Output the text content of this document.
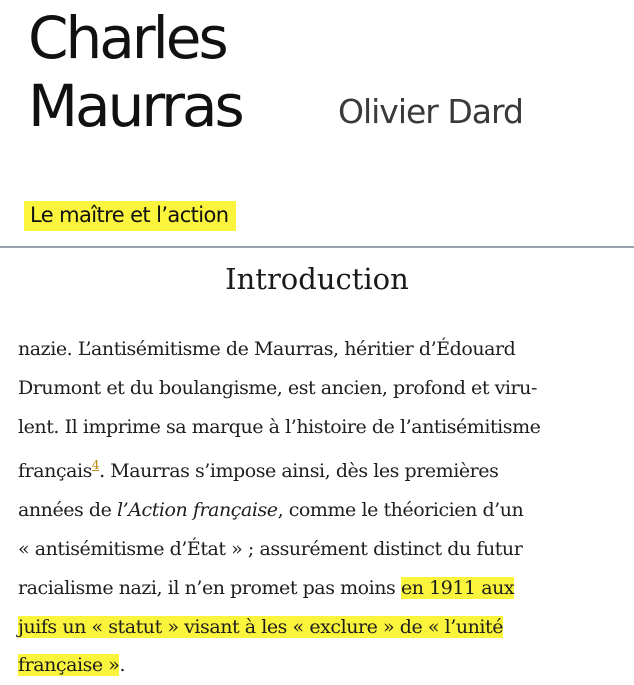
Charles
Maurras	Olivier Dard
Le maître et l’action
Introduction
nazie. L’antisémitisme de Maurras, héritier d’Édouard
Drumont et du boulangisme, est ancien, profond et viru-
lent. Il imprime sa marque à l’histoire de l’antisémitisme
français$^4$. Maurras s’impose ainsi, dès les premières
années de l’Action française, comme le théoricien d’un
« antisémitisme d’État » ; assurément distinct du futur
racialisme nazi, il n’en promet pas moins en 1911 aux
juifs un « statut » visant à les « exclure » de « l’unité
française ».
